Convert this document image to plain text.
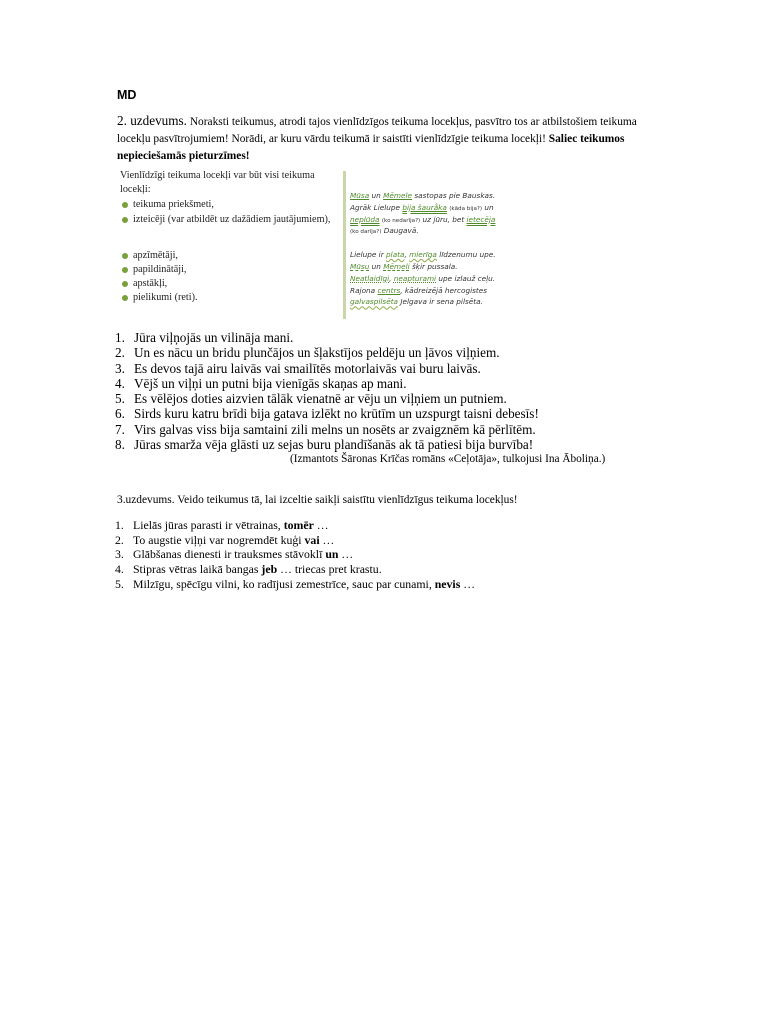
MD
2. uzdevums. Noraksti teikumus, atrodi tajos vienlīdzīgos teikuma locekļus, pasvītro tos ar atbilstošiem teikuma locekļu pasvītrojumiem! Norādi, ar kuru vārdu teikumā ir saistīti vienlīdzīgie teikuma locekļi! Saliec teikumos nepieciešamās pieturzīmes!
Vienlīdzīgi teikuma locekļi var būt visi teikuma locekļi:
teikuma priekšmeti,
izteicēji (var atbildēt uz dažādiem jautājumiem),
apzīmētāji,
papildinātāji,
apstākļi,
pielikumi (reti).
Mūsa un Mēmele sastopas pie Bauskas.
Agrāk Lielupe bija šauråka (kāda bija?) un
neplūda (ko nedarīja?) uz jūru, bet ietecēja
(ko darīja?) Daugavā.
Lielupe ir plata, mierīga līdzenumu upe.
Mūsu un Mēmeli šķir pussala.
Neatlaidīgi, neapturami upe izlauž ceļu.
Rajona centrs, kādreizējā hercogistes
galvaspilsēta Jelgava ir sena pilsēta.
1. Jūra viļņojās un vilināja mani.
2. Un es nācu un bridu plunčājos un šļakstījos peldēju un ļāvos viļņiem.
3. Es devos tajā airu laivās vai smailītēs motorlaivās vai buru laivās.
4. Vējš un viļņi un putni bija vienīgās skaņas ap mani.
5. Es vēlējos doties aizvien tālāk vienatnē ar vēju un viļņiem un putniem.
6. Sirds kuru katru brīdi bija gatava izlēkt no krūtīm un uzspurgt taisni debesīs!
7. Virs galvas viss bija samtaini zili melns un nosēts ar zvaigznēm kā pērlītēm.
8. Jūras smarža vēja glāsti uz sejas buru plandīšanās ak tā patiesi bija burvība!
(Izmantots Šāronas Krīčas romāns «Ceļotāja», tulkojusi Ina Āboliņa.)
3.uzdevums. Veido teikumus tā, lai izceltie saikļi saistītu vienlīdzīgus teikuma locekļus!
1. Lielās jūras parasti ir vētrainas, tomēr …
2. To augstie viļņi var nogremdēt kuģi vai …
3. Glābšanas dienesti ir trauksmes stāvoklī un …
4. Stipras vētras laikā bangas jeb … triecas pret krastu.
5. Milzīgu, spēcīgu vilni, ko radījusi zemestrīce, sauc par cunami, nevis …
